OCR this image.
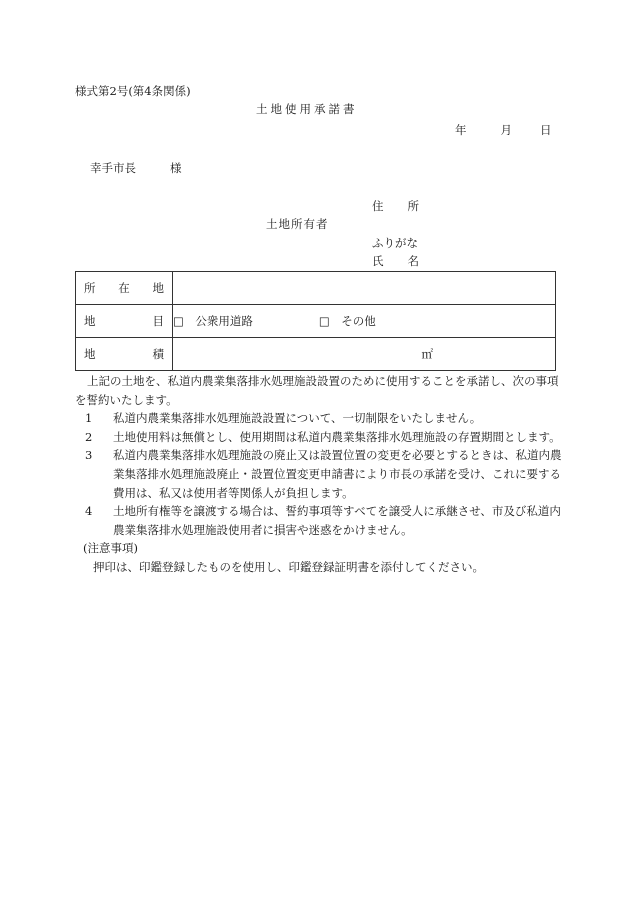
様式第2号(第4条関係)
土地使用承諾書
年	月 日
幸手市長	様
住 所
土地所有者
ふりがな
氏 名
所 在 地	

地 目	□　公衆用道路 □　その他

地 積	㎡

上記の土地を、私道内農業集落排水処理施設設置のために使用することを承諾し、次の事項を誓約いたします。

1	私道内農業集落排水処理施設設置について、一切制限をいたしません。
2	土地使用料は無償とし、使用期間は私道内農業集落排水処理施設の存置期間とします。
3	私道内農業集落排水処理施設の廃止又は設置位置の変更を必要とするときは、私道内農業集落排水処理施設廃止・設置位置変更申請書により市長の承諾を受け、これに要する費用は、私又は使用者等関係人が負担します。
4	土地所有権等を譲渡する場合は、誓約事項等すべてを譲受人に承継させ、市及び私道内農業集落排水処理施設使用者に損害や迷惑をかけません。

(注意事項)

押印は、印鑑登録したものを使用し、印鑑登録証明書を添付してください。
